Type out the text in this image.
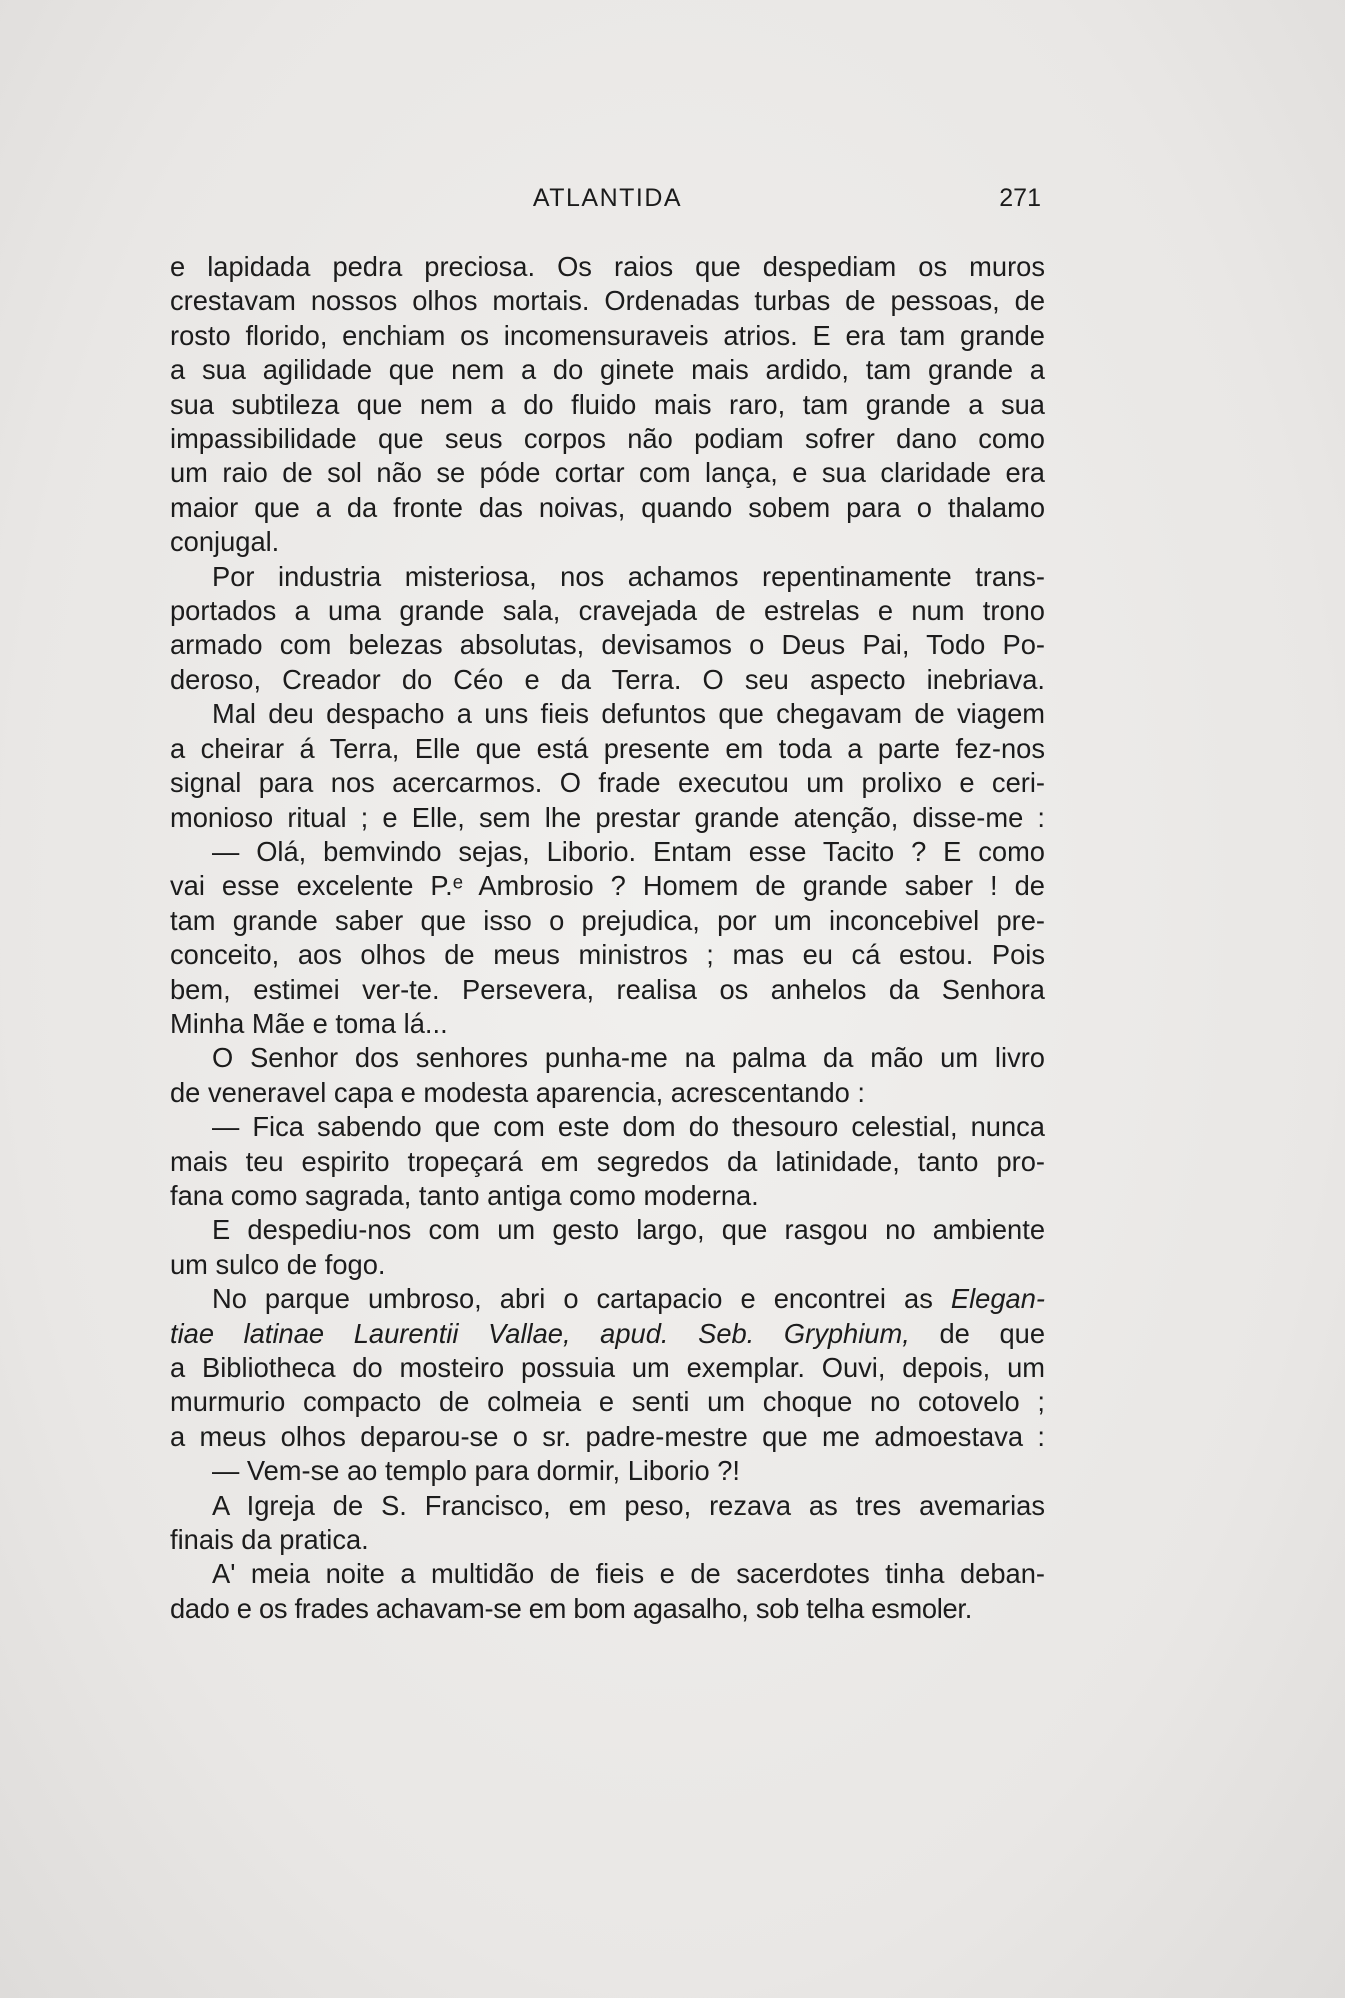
ATLANTIDA	271
e lapidada pedra preciosa. Os raios que despediam os muros
crestavam nossos olhos mortais. Ordenadas turbas de pessoas, de
rosto florido, enchiam os incomensuraveis atrios. E era tam grande
a sua agilidade que nem a do ginete mais ardido, tam grande a
sua subtileza que nem a do fluido mais raro, tam grande a sua
impassibilidade que seus corpos não podiam sofrer dano como
um raio de sol não se póde cortar com lança, e sua claridade era
maior que a da fronte das noivas, quando sobem para o thalamo
conjugal.
Por industria misteriosa, nos achamos repentinamente trans-
portados a uma grande sala, cravejada de estrelas e num trono
armado com belezas absolutas, devisamos o Deus Pai, Todo Po-
deroso, Creador do Céo e da Terra. O seu aspecto inebriava.
Mal deu despacho a uns fieis defuntos que chegavam de viagem
a cheirar á Terra, Elle que está presente em toda a parte fez-nos
signal para nos acercarmos. O frade executou um prolixo e ceri-
monioso ritual ; e Elle, sem lhe prestar grande atenção, disse-me :
— Olá, bemvindo sejas, Liborio. Entam esse Tacito ? E como
vai esse excelente P.ᵉ Ambrosio ? Homem de grande saber ! de
tam grande saber que isso o prejudica, por um inconcebivel pre-
conceito, aos olhos de meus ministros ; mas eu cá estou. Pois
bem, estimei ver-te. Persevera, realisa os anhelos da Senhora
Minha Mãe e toma lá...
O Senhor dos senhores punha-me na palma da mão um livro
de veneravel capa e modesta aparencia, acrescentando :
— Fica sabendo que com este dom do thesouro celestial, nunca
mais teu espirito tropeçará em segredos da latinidade, tanto pro-
fana como sagrada, tanto antiga como moderna.
E despediu-nos com um gesto largo, que rasgou no ambiente
um sulco de fogo.
No parque umbroso, abri o cartapacio e encontrei as Elegan-
tiae latinae Laurentii Vallae, apud. Seb. Gryphium, de que
a Bibliotheca do mosteiro possuia um exemplar. Ouvi, depois, um
murmurio compacto de colmeia e senti um choque no cotovelo ;
a meus olhos deparou-se o sr. padre-mestre que me admoestava :
— Vem-se ao templo para dormir, Liborio ?!
A Igreja de S. Francisco, em peso, rezava as tres avemarias
finais da pratica.
A' meia noite a multidão de fieis e de sacerdotes tinha deban-
dado e os frades achavam-se em bom agasalho, sob telha esmoler.
